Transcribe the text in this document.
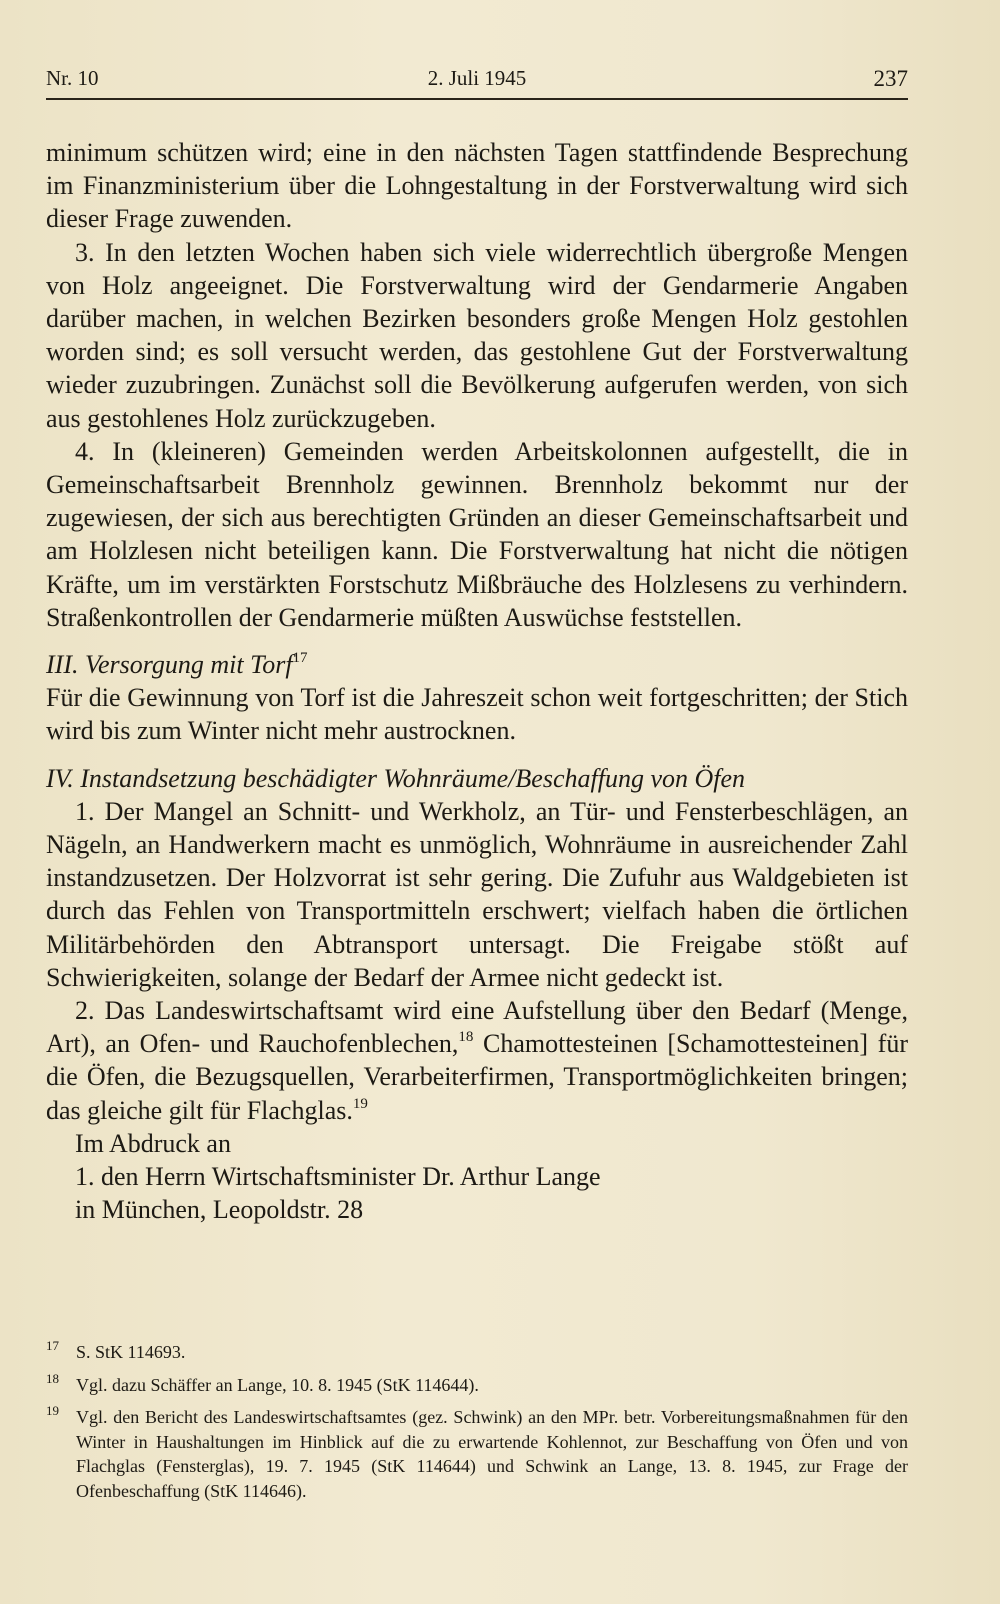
Nr. 10	2. Juli 1945	237

minimum schützen wird; eine in den nächsten Tagen stattfindende Besprechung im Finanzministerium über die Lohngestaltung in der Forstverwaltung wird sich dieser Frage zuwenden.

3. In den letzten Wochen haben sich viele widerrechtlich übergroße Mengen von Holz angeeignet. Die Forstverwaltung wird der Gendarmerie Angaben darüber machen, in welchen Bezirken besonders große Mengen Holz gestohlen worden sind; es soll versucht werden, das gestohlene Gut der Forstverwaltung wieder zuzubringen. Zunächst soll die Bevölkerung aufgerufen werden, von sich aus gestohlenes Holz zurückzugeben.

4. In (kleineren) Gemeinden werden Arbeitskolonnen aufgestellt, die in Gemeinschaftsarbeit Brennholz gewinnen. Brennholz bekommt nur der zugewiesen, der sich aus berechtigten Gründen an dieser Gemeinschaftsarbeit und am Holzlesen nicht beteiligen kann. Die Forstverwaltung hat nicht die nötigen Kräfte, um im verstärkten Forstschutz Mißbräuche des Holzlesens zu verhindern. Straßenkontrollen der Gendarmerie müßten Auswüchse feststellen.

III. Versorgung mit Torf$^{17}$

Für die Gewinnung von Torf ist die Jahreszeit schon weit fortgeschritten; der Stich wird bis zum Winter nicht mehr austrocknen.

IV. Instandsetzung beschädigter Wohnräume/Beschaffung von Öfen

1. Der Mangel an Schnitt- und Werkholz, an Tür- und Fensterbeschlägen, an Nägeln, an Handwerkern macht es unmöglich, Wohnräume in ausreichender Zahl instandzusetzen. Der Holzvorrat ist sehr gering. Die Zufuhr aus Waldgebieten ist durch das Fehlen von Transportmitteln erschwert; vielfach haben die örtlichen Militärbehörden den Abtransport untersagt. Die Freigabe stößt auf Schwierigkeiten, solange der Bedarf der Armee nicht gedeckt ist.

2. Das Landeswirtschaftsamt wird eine Aufstellung über den Bedarf (Menge, Art), an Ofen- und Rauchofenblechen,$^{18}$ Chamottesteinen [Schamottesteinen] für die Öfen, die Bezugsquellen, Verarbeiterfirmen, Transportmöglichkeiten bringen; das gleiche gilt für Flachglas.$^{19}$

Im Abdruck an

1. den Herrn Wirtschaftsminister Dr. Arthur Lange

in München, Leopoldstr. 28

17 S. StK 114693.

18 Vgl. dazu Schäffer an Lange, 10. 8. 1945 (StK 114644).

19 Vgl. den Bericht des Landeswirtschaftsamtes (gez. Schwink) an den MPr. betr. Vorbereitungsmaßnahmen für den Winter in Haushaltungen im Hinblick auf die zu erwartende Kohlennot, zur Beschaffung von Öfen und von Flachglas (Fensterglas), 19. 7. 1945 (StK 114644) und Schwink an Lange, 13. 8. 1945, zur Frage der Ofenbeschaffung (StK 114646).
